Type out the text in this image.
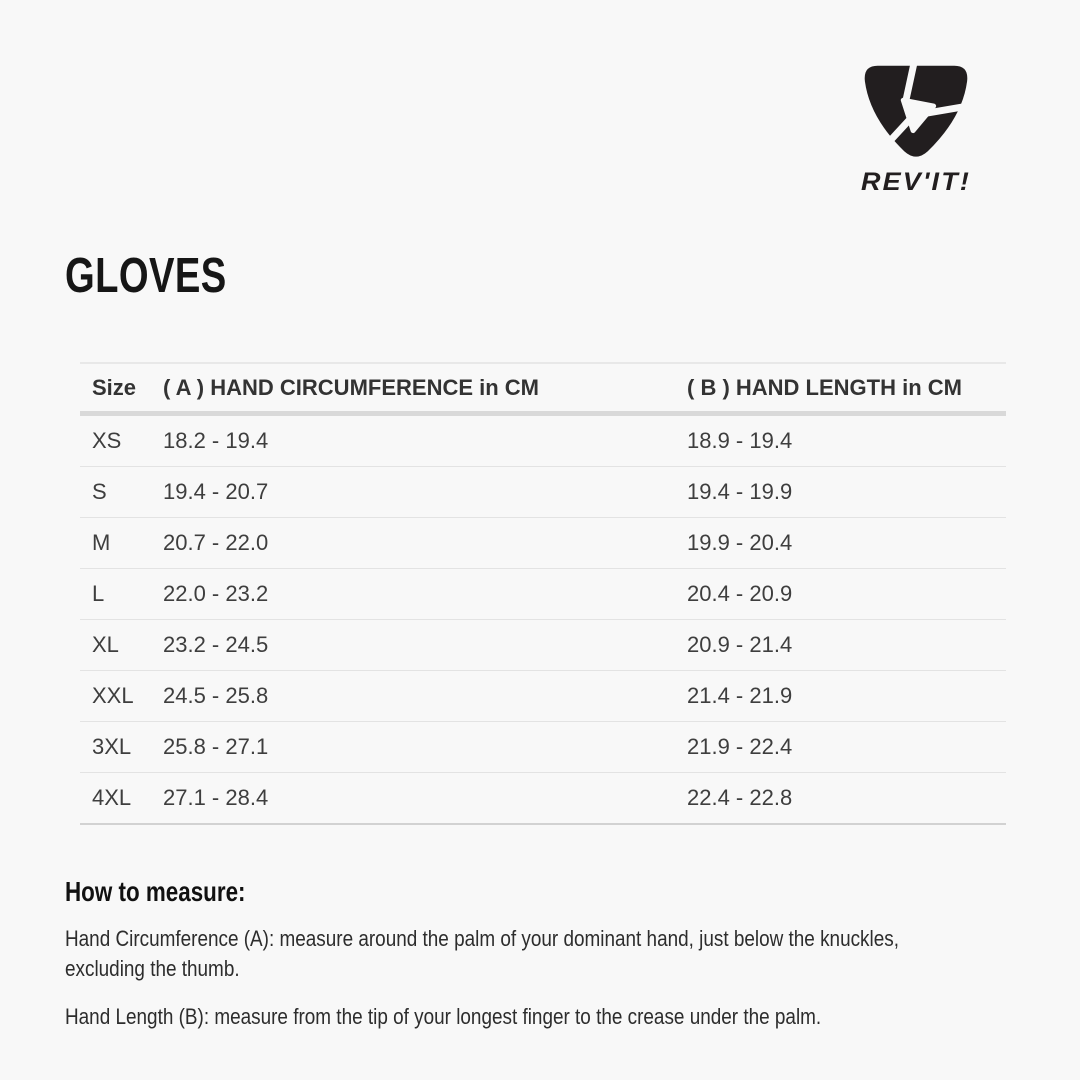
REV'IT!
GLOVES
Size	( A ) HAND CIRCUMFERENCE in CM	( B ) HAND LENGTH in CM
XS	18.2 - 19.4	18.9 - 19.4
S	19.4 - 20.7	19.4 - 19.9
M	20.7 - 22.0	19.9 - 20.4
L	22.0 - 23.2	20.4 - 20.9
XL	23.2 - 24.5	20.9 - 21.4
XXL	24.5 - 25.8	21.4 - 21.9
3XL	25.8 - 27.1	21.9 - 22.4
4XL	27.1 - 28.4	22.4 - 22.8
How to measure:
Hand Circumference (A): measure around the palm of your dominant hand, just below the knuckles,
excluding the thumb.
Hand Length (B): measure from the tip of your longest finger to the crease under the palm.
